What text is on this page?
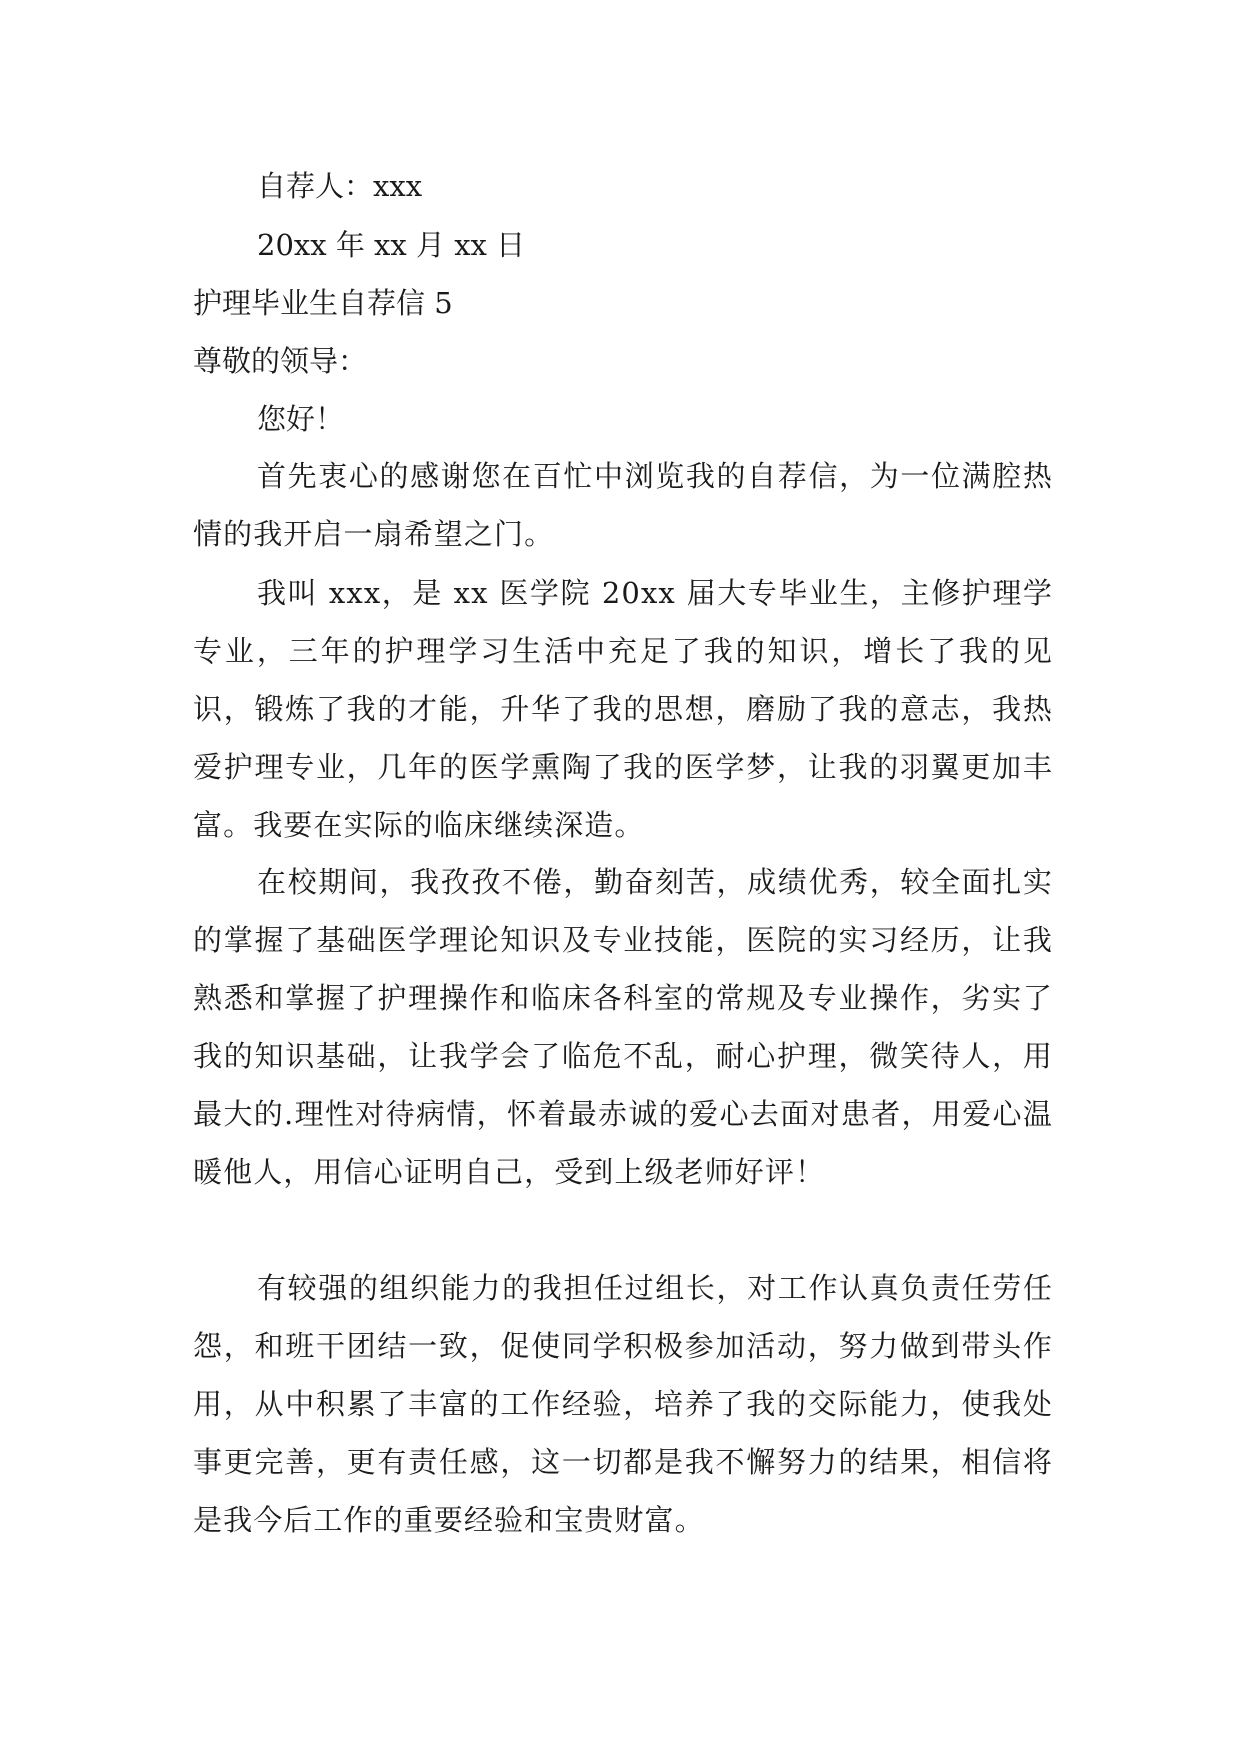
自荐人：xxx
20xx 年 xx 月 xx 日
护理毕业生自荐信 5
尊敬的领导：
您好！
首先衷心的感谢您在百忙中浏览我的自荐信，为一位满腔热情的我开启一扇希望之门。
我叫 xxx，是 xx 医学院 20xx 届大专毕业生，主修护理学专业，三年的护理学习生活中充足了我的知识，增长了我的见识，锻炼了我的才能，升华了我的思想，磨励了我的意志，我热爱护理专业，几年的医学熏陶了我的医学梦，让我的羽翼更加丰富。我要在实际的临床继续深造。
在校期间，我孜孜不倦，勤奋刻苦，成绩优秀，较全面扎实的掌握了基础医学理论知识及专业技能，医院的实习经历，让我熟悉和掌握了护理操作和临床各科室的常规及专业操作，劣实了我的知识基础，让我学会了临危不乱，耐心护理，微笑待人，用最大的.理性对待病情，怀着最赤诚的爱心去面对患者，用爱心温暖他人，用信心证明自己，受到上级老师好评！
有较强的组织能力的我担任过组长，对工作认真负责任劳任怨，和班干团结一致，促使同学积极参加活动，努力做到带头作用，从中积累了丰富的工作经验，培养了我的交际能力，使我处事更完善，更有责任感，这一切都是我不懈努力的结果，相信将是我今后工作的重要经验和宝贵财富。
